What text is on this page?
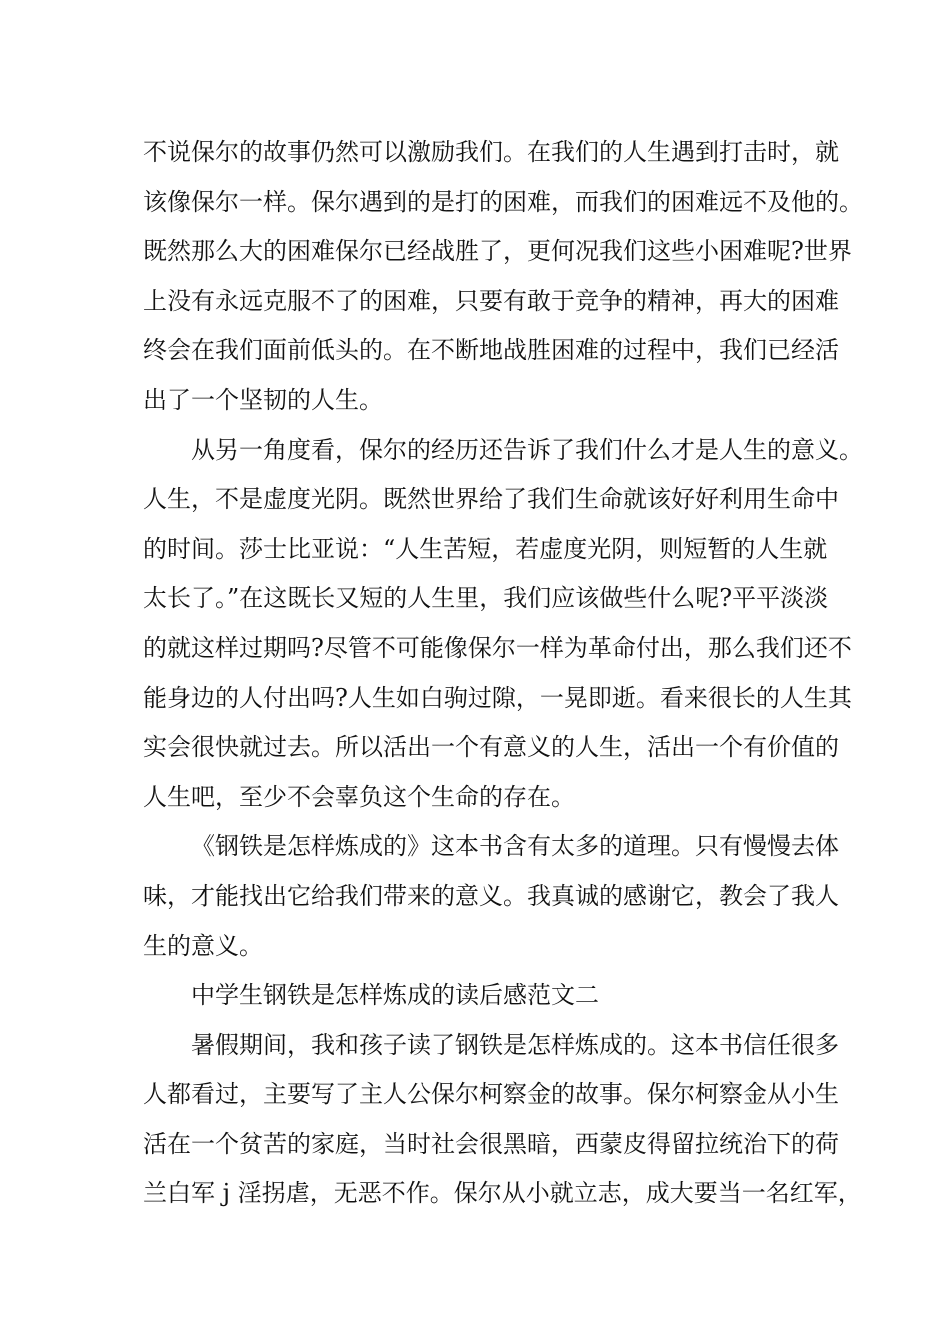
不说保尔的故事仍然可以激励我们。在我们的人生遇到打击时，就
该像保尔一样。保尔遇到的是打的困难，而我们的困难远不及他的。
既然那么大的困难保尔已经战胜了，更何况我们这些小困难呢?世界
上没有永远克服不了的困难，只要有敢于竞争的精神，再大的困难
终会在我们面前低头的。在不断地战胜困难的过程中，我们已经活
出了一个坚韧的人生。
从另一角度看，保尔的经历还告诉了我们什么才是人生的意义。
人生，不是虚度光阴。既然世界给了我们生命就该好好利用生命中
的时间。莎士比亚说：“人生苦短，若虚度光阴，则短暂的人生就
太长了。”在这既长又短的人生里，我们应该做些什么呢?平平淡淡
的就这样过期吗?尽管不可能像保尔一样为革命付出，那么我们还不
能身边的人付出吗?人生如白驹过隙，一晃即逝。看来很长的人生其
实会很快就过去。所以活出一个有意义的人生，活出一个有价值的
人生吧，至少不会辜负这个生命的存在。
《钢铁是怎样炼成的》这本书含有太多的道理。只有慢慢去体
味，才能找出它给我们带来的意义。我真诚的感谢它，教会了我人
生的意义。
中学生钢铁是怎样炼成的读后感范文二
暑假期间，我和孩子读了钢铁是怎样炼成的。这本书信任很多
人都看过，主要写了主人公保尔柯察金的故事。保尔柯察金从小生
活在一个贫苦的家庭，当时社会很黑暗，西蒙皮得留拉统治下的荷
兰白军 j 淫拐虐，无恶不作。保尔从小就立志，成大要当一名红军，
